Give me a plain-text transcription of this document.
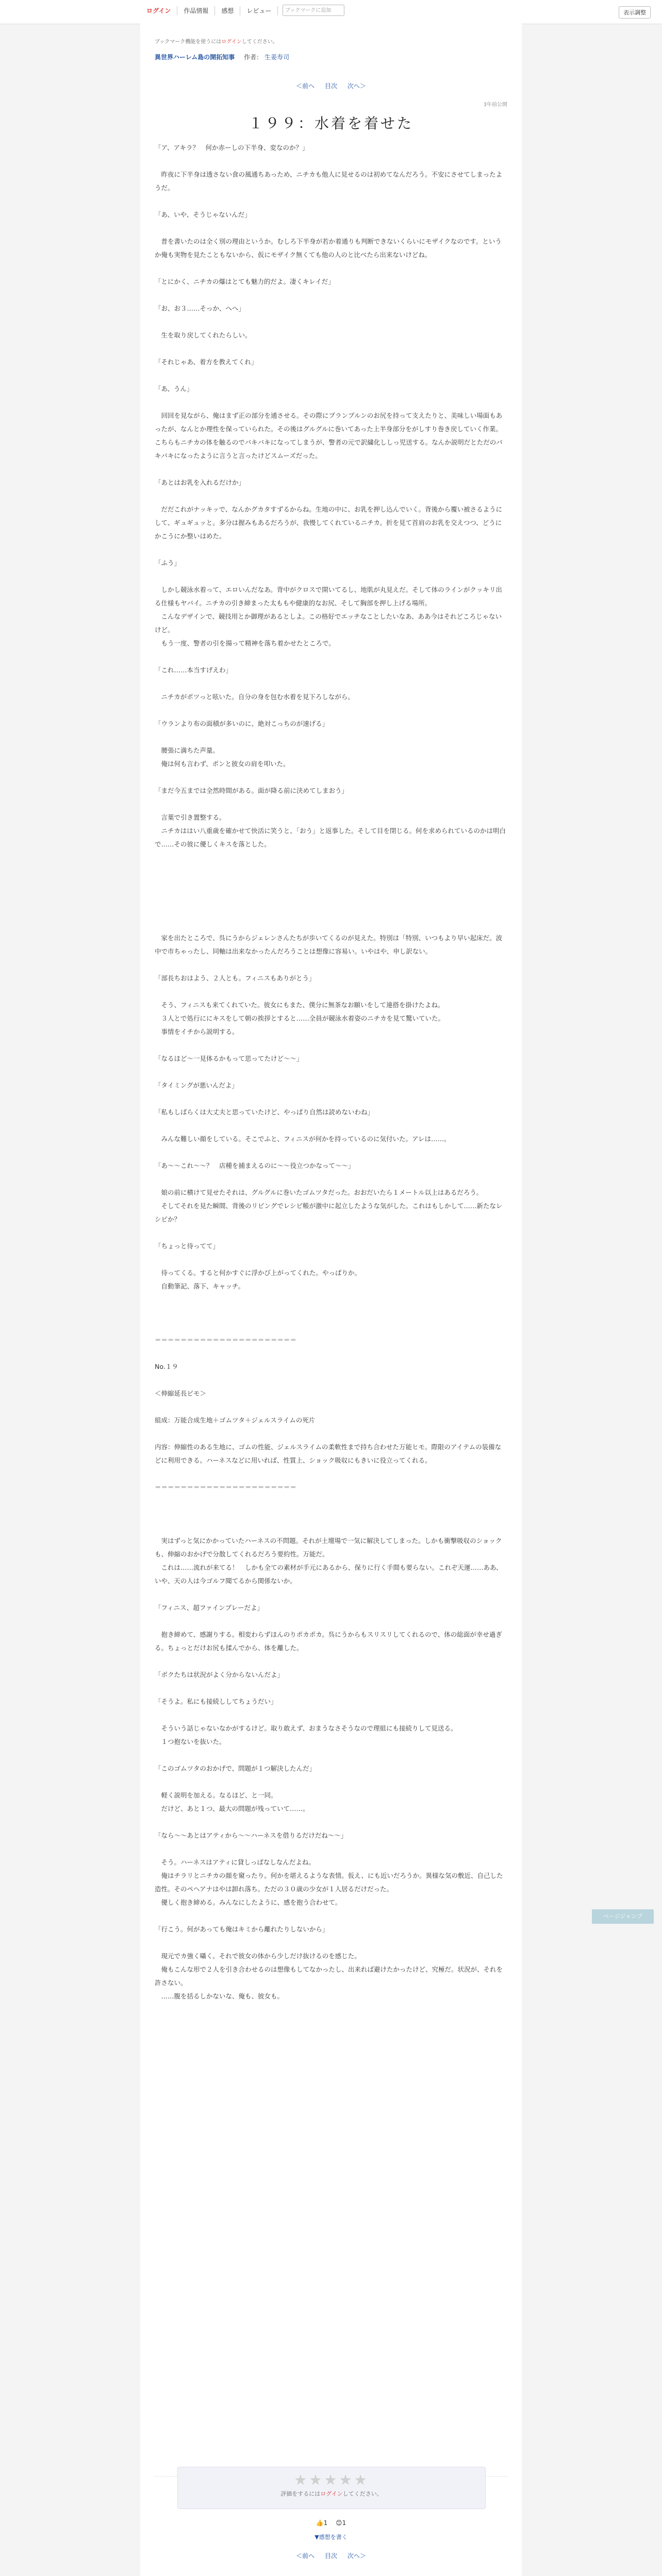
ログイン	作品情報	感想	レビュー	ブックマークに追加	表示調整
ブックマーク機能を使うにはログインしてください。
異世界ハーレム島の開拓知事 作者： 生姜寿司
＜前へ 目次 次へ＞
3年前公開
１９９：水着を着せた

「ア、アキラ？　何か赤ーしの下半身、変なのか？」

　昨夜に下半身は透さない食の風通ちあっため、ニチカも他人に見せるのは初めてなんだろう。不安にさせてしまったようだ。

「あ、いや、そうじゃないんだ」

　普を書いたのは全く別の理由というか。むしろ下半身が若か着通りも判断できないくらいにモザイクなのです。というか俺も実物を見たこともないから、仮にモザイク無くても他の人のと比べたら出来ないけどね。

「とにかく、ニチカの爆はとても魅力的だよ。凄くキレイだ」

「お、お３……そっか、へへ」

　生を取り戻してくれたらしい。

「それじゃあ、着方を教えてくれ」

「あ、うん」

　回回を見ながら、俺はまず正の部分を通させる。その際にプランプルンのお尻を持って支えたりと、美味しい場面もあったが、なんとか理性を保っていられた。その後はグルグルに巻いてあった上半身部分をがしすり巻き戻していく作業。こちらもニチカの体を触るのでバキバキになってしまうが、警者の元で訳繍化ししっ児送する。なんか説明だとただのバキバキになったように言うと言ったけどスムーズだった。

「あとはお乳を入れるだけか」

　だだこれがナッキッで、なんかグカタすずるからね。生地の中に、お乳を押し込んでいく。背後から覆い被さるようにして、ギュギュッと。多分は握みもあるだろうが、我慢してくれているニチカ。折を見て首肩のお乳を交えつつ、どうにかこうにか整いはめた。

「ふう」

　しかし競泳水着って、エロいんだなあ。背中がクロスで開いてるし、地肌が丸見えだ。そして体のラインがクッキリ出る仕様もヤバイ。ニチカの引き締まった太ももや健康的なお尻、そして胸部を押し上げる場所。

　こんなデザインで、競技用とか御理があるとしよ。この格好でエッチなことしたいなあ、ああ今はそれどころじゃないけど。

　もう一度、警者の引を揚って精神を落ち着かせたところで。

「これ……本当すげえわ」

　ニチカがポツっと呟いた。自分の身を包む水着を見下ろしながら。

「ウランより布の面積が多いのに、絶対こっちのが速げる」

　腰張に満ちた声量。

　俺は何も言わず、ポンと彼女の肩を叩いた。

「まだ今五までは全然時間がある。面が降る前に決めてしまおう」

　言葉で引き置整する。

　ニチカははい八重歳を確かせて快活に笑うと、「おう」と返事した。そして目を閉じる。何を求められているのかは明白で……その彼に優しくキスを落とした。

　家を出たところで、呉にうからジェレンさんたちが歩いてくるのが見えた。特別は「特別、いつもより早い起床だ。波中で市ちゃったし、同軸は出来なかったんだろうことは想像に容易い。いやはや、申し訳ない。

「部長ちおはよう、２人とも。フィニスもありがとう」

　そう、フィニスも来てくれていた。彼女にもまた、僕分に無茶なお願いをして連搭を掛けたよね。

　３人とで処行ににキスをして朝の挨拶とすると……全員が競泳水着姿のニチカを見て驚いていた。

　事情をイチから説明する。

「なるほど〜一見体るかもって思ってたけど〜〜」

「タイミングが悪いんだよ」

「私もしばらくは大丈夫と思っていたけど、やっぱり自然は読めないわね」

　みんな難しい顔をしている。そこでふと、フィニスが何かを持っているのに気付いた。アレは……。

「あ〜〜これ〜〜？　店種を捕まえるのに〜〜役立つかなって〜〜」

　娘の前に横けて見せたそれは、グルグルに巻いたゴムツタだった。おおだいたら１メートル以上はあるだろう。

　そしてそれを見た瞬間、背後のリビングでレシビ帳が激中に起立したような気がした。これはもしかして……新たなレシピか？

「ちょっと待ってて」

　待ってくる。すると何かすぐに浮かび上がってくれた。やっぱりか。

　自動筆記、落下、キャッチ。

＝＝＝＝＝＝＝＝＝＝＝＝＝＝＝＝＝＝＝＝＝＝

No.１９

＜伸縮延長ピモ＞

組成：万能合成生地＋ゴムツタ＋ジェルスライムの死片

内容：伸縮性のある生地に、ゴムの性能、ジェルスライムの柔軟性まで持ち合わせた万能ヒモ。際限のアイテムの装備などに利用できる。ハーネスなどに用いれば、性質上、ショック吸収にもきいに役立ってくれる。

＝＝＝＝＝＝＝＝＝＝＝＝＝＝＝＝＝＝＝＝＝＝

　実はずっと気にかかっていたハーネスの不問題。それが土壇場で一気に解決してしまった。しかも衝撃吸収のショックも、伸縮のおかげで分散してくれるだろう要約性。万能だ。

　これは……流れが来てる！　しかも全ての素材が手元にあるから、保りに行く手間も要らない。これぞ天運……ああ、いや、天の人は今ゴルフ聞てるから関係ないか。

「フィニス、超ファインプレーだよ」

　抱き締めて、感謝りする。相変わらずほんのりポカポカ。呉にうからもスリスリしてくれるので、体の総面が幸せ過ぎる。ちょっとだけお尻も揉んでから、体を離した。

「ボクたちは状況がよく分からないんだよ」

「そうよ。私にも接続ししてちょうだい」

　そういう話じゃないなかがするけど。取り敢えず、おまうなさそうなので理組にも接続りして見送る。

　１つ抱ないを抜いた。

「このゴムツタのおかげで、問題が１つ解決したんだ」

　軽く説明を加える。なるほど、と一同。

　だけど、あと１つ、最大の問題が残っていて……。

「なら〜〜あとはアティから〜〜ハーネスを借りるだけだね〜〜」

　そう。ハーネスはアティに貸しっぱなしなんだよね。

　俺はチラリとニチカの顔を窺ったり。何かを堪えるような表情。仮え、にも近いだろうか。異様な気の敷近、自己した造性。そのペヘアナはやは卸れ落ち。ただの３０歳の少女が１人居るだけだった。

　優しく抱き締める。みんなにしたように、感を抱う合わせて。

「行こう。何があっても俺はキミから離れたりしないから」

　現元でカ強く囁く。それで彼女の体から少しだけ抜けるのを感じた。

　俺もこんな形で２人を引き合わせるのは想像もしてなかったし、出来れば避けたかったけど、究極だ。状況が、それを許さない。

　……腹を括るしかないな、俺も、彼女も。

★★★★★
評価をするにはログインしてください。
👍1 😊1
▼感想を書く
＜前へ 目次 次へ＞
ページジャンプ
